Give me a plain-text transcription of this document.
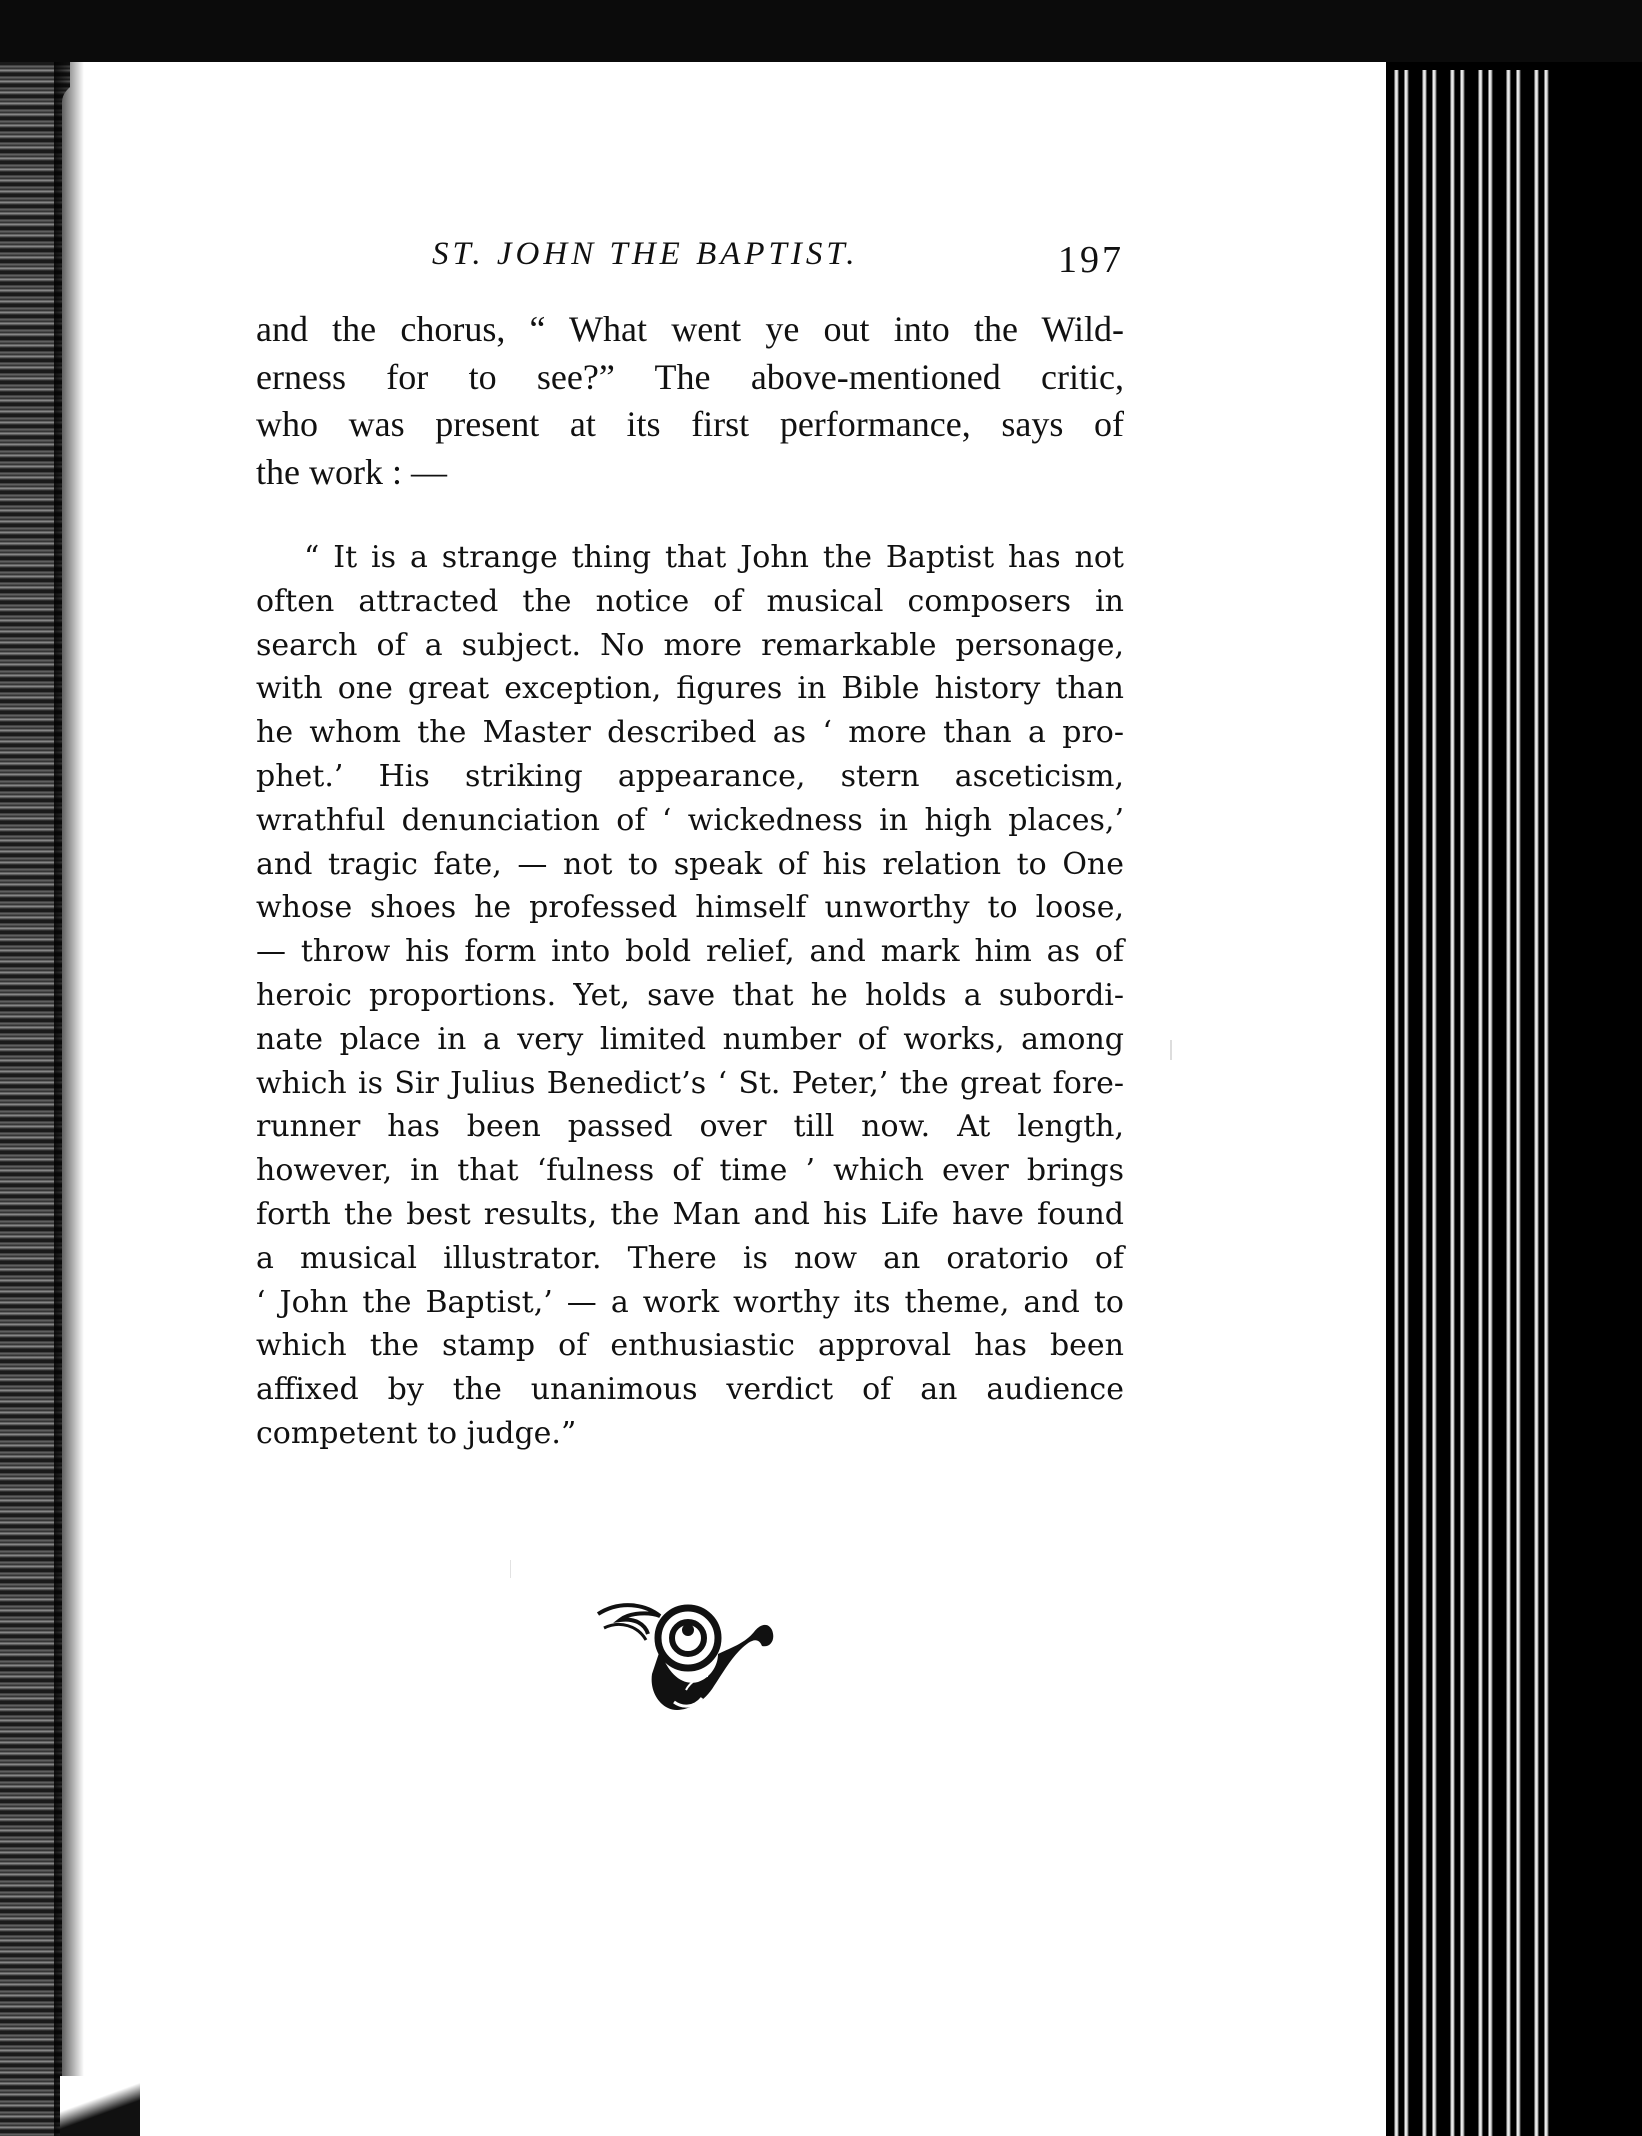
ST. JOHN THE BAPTIST.	197
and the chorus, “ What went ye out into the Wild-
erness for to see?” The above-mentioned critic,
who was present at its first performance, says of
the work : —
“ It is a strange thing that John the Baptist has not
often attracted the notice of musical composers in
search of a subject. No more remarkable personage,
with one great exception, figures in Bible history than
he whom the Master described as ‘ more than a pro-
phet.’ His striking appearance, stern asceticism,
wrathful denunciation of ‘ wickedness in high places,’
and tragic fate, — not to speak of his relation to One
whose shoes he professed himself unworthy to loose,
— throw his form into bold relief, and mark him as of
heroic proportions. Yet, save that he holds a subordi-
nate place in a very limited number of works, among
which is Sir Julius Benedict’s ‘ St. Peter,’ the great fore-
runner has been passed over till now. At length,
however, in that ‘fulness of time ’ which ever brings
forth the best results, the Man and his Life have found
a musical illustrator. There is now an oratorio of
‘ John the Baptist,’ — a work worthy its theme, and to
which the stamp of enthusiastic approval has been
affixed by the unanimous verdict of an audience
competent to judge.”
